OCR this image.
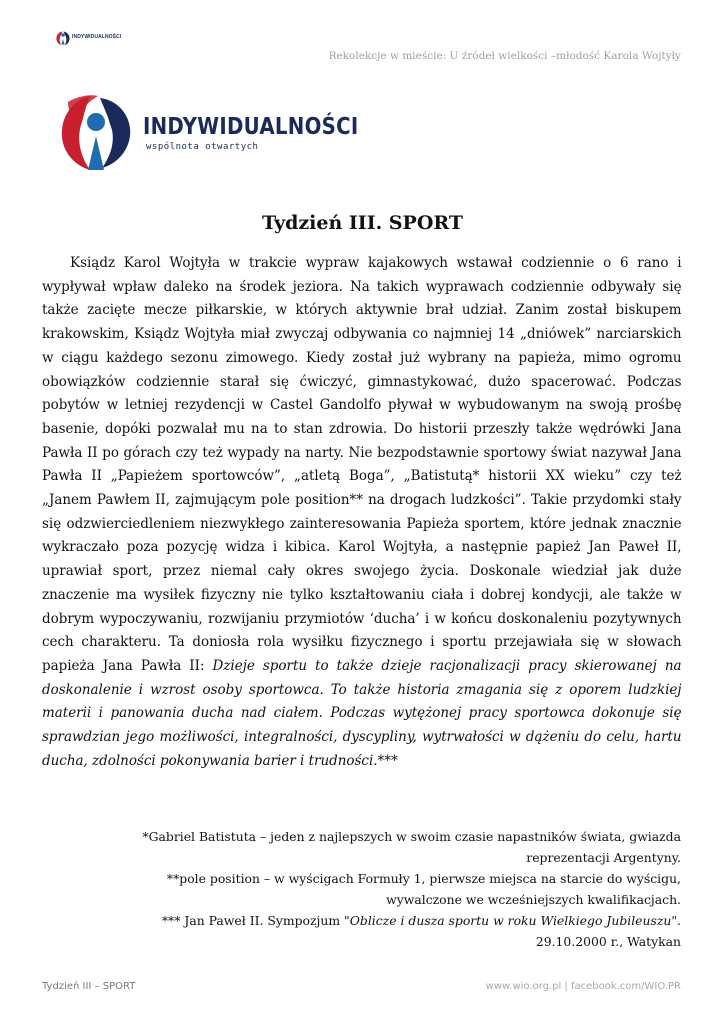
INDYWIDUALNOŚCI
Rekolekcje w mieście: U źródeł wielkości –młodość Karola Wojtyły
INDYWIDUALNOŚCI
wspólnota otwartych
Tydzień III. SPORT

Ksiądz Karol Wojtyła w trakcie wypraw kajakowych wstawał codziennie o 6 rano i wypływał wpław daleko na środek jeziora. Na takich wyprawach codziennie odbywały się także zacięte mecze piłkarskie, w których aktywnie brał udział. Zanim został biskupem krakowskim, Ksiądz Wojtyła miał zwyczaj odbywania co najmniej 14 „dniówek” narciarskich w ciągu każdego sezonu zimowego. Kiedy został już wybrany na papieża, mimo ogromu obowiązków codziennie starał się ćwiczyć, gimnastykować, dużo spacerować. Podczas pobytów w letniej rezydencji w Castel Gandolfo pływał w wybudowanym na swoją prośbę basenie, dopóki pozwalał mu na to stan zdrowia. Do historii przeszły także wędrówki Jana Pawła II po górach czy też wypady na narty. Nie bezpodstawnie sportowy świat nazywał Jana Pawła II „Papieżem sportowców”, „atletą Boga”, „Batistutą* historii XX wieku” czy też „Janem Pawłem II, zajmującym pole position** na drogach ludzkości”. Takie przydomki stały się odzwierciedleniem niezwykłego zainteresowania Papieża sportem, które jednak znacznie wykraczało poza pozycję widza i kibica. Karol Wojtyła, a następnie papież Jan Paweł II, uprawiał sport, przez niemal cały okres swojego życia. Doskonale wiedział jak duże znaczenie ma wysiłek fizyczny nie tylko kształtowaniu ciała i dobrej kondycji, ale także w dobrym wypoczywaniu, rozwijaniu przymiotów ‘ducha’ i w końcu doskonaleniu pozytywnych cech charakteru. Ta doniosła rola wysiłku fizycznego i sportu przejawiała się w słowach papieża Jana Pawła II: Dzieje sportu to także dzieje racjonalizacji pracy skierowanej na doskonalenie i wzrost osoby sportowca. To także historia zmagania się z oporem ludzkiej materii i panowania ducha nad ciałem. Podczas wytężonej pracy sportowca dokonuje się sprawdzian jego możliwości, integralności, dyscypliny, wytrwałości w dążeniu do celu, hartu ducha, zdolności pokonywania barier i trudności.***

*Gabriel Batistuta – jeden z najlepszych w swoim czasie napastników świata, gwiazda reprezentacji Argentyny.

**pole position – w wyścigach Formuły 1, pierwsze miejsca na starcie do wyścigu, wywalczone we wcześniejszych kwalifikacjach.

*** Jan Paweł II. Sympozjum "Oblicze i dusza sportu w roku Wielkiego Jubileuszu". 29.10.2000 r., Watykan

Tydzień III – SPORT	www.wio.org.pl | facebook.com/WIO.PR
